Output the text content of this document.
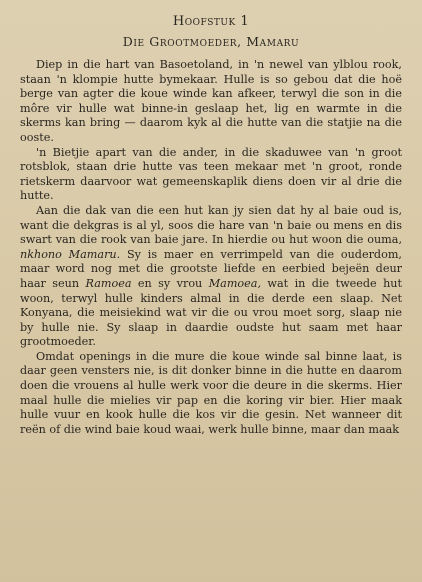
Hoofstuk 1
Die Grootmoeder, Mamaru

Diep in die hart van Basoetoland, in 'n newel van ylblou rook, staan 'n klompie hutte bymekaar. Hulle is so gebou dat die hoë berge van agter die koue winde kan afkeer, terwyl die son in die môre vir hulle wat binne-in geslaap het, lig en warmte in die skerms kan bring — daarom kyk al die hutte van die statjie na die ooste.

'n Bietjie apart van die ander, in die skaduwee van 'n groot rotsblok, staan drie hutte vas teen mekaar met 'n groot, ronde rietskerm daarvoor wat gemeenskaplik diens doen vir al drie die hutte.

Aan die dak van die een hut kan jy sien dat hy al baie oud is, want die dekgras is al yl, soos die hare van 'n baie ou mens en dis swart van die rook van baie jare. In hierdie ou hut woon die ouma, nkhono Mamaru. Sy is maer en verrimpeld van die ouderdom, maar word nog met die grootste liefde en eerbied bejeën deur haar seun Ramoea en sy vrou Mamoea, wat in die tweede hut woon, terwyl hulle kinders almal in die derde een slaap. Net Konyana, die meisiekind wat vir die ou vrou moet sorg, slaap nie by hulle nie. Sy slaap in daardie oudste hut saam met haar grootmoeder.

Omdat openings in die mure die koue winde sal binne laat, is daar geen vensters nie, is dit donker binne in die hutte en daarom doen die vrouens al hulle werk voor die deure in die skerms. Hier maal hulle die mielies vir pap en die koring vir bier. Hier maak hulle vuur en kook hulle die kos vir die gesin. Net wanneer dit reën of die wind baie koud waai, werk hulle binne, maar dan maak
